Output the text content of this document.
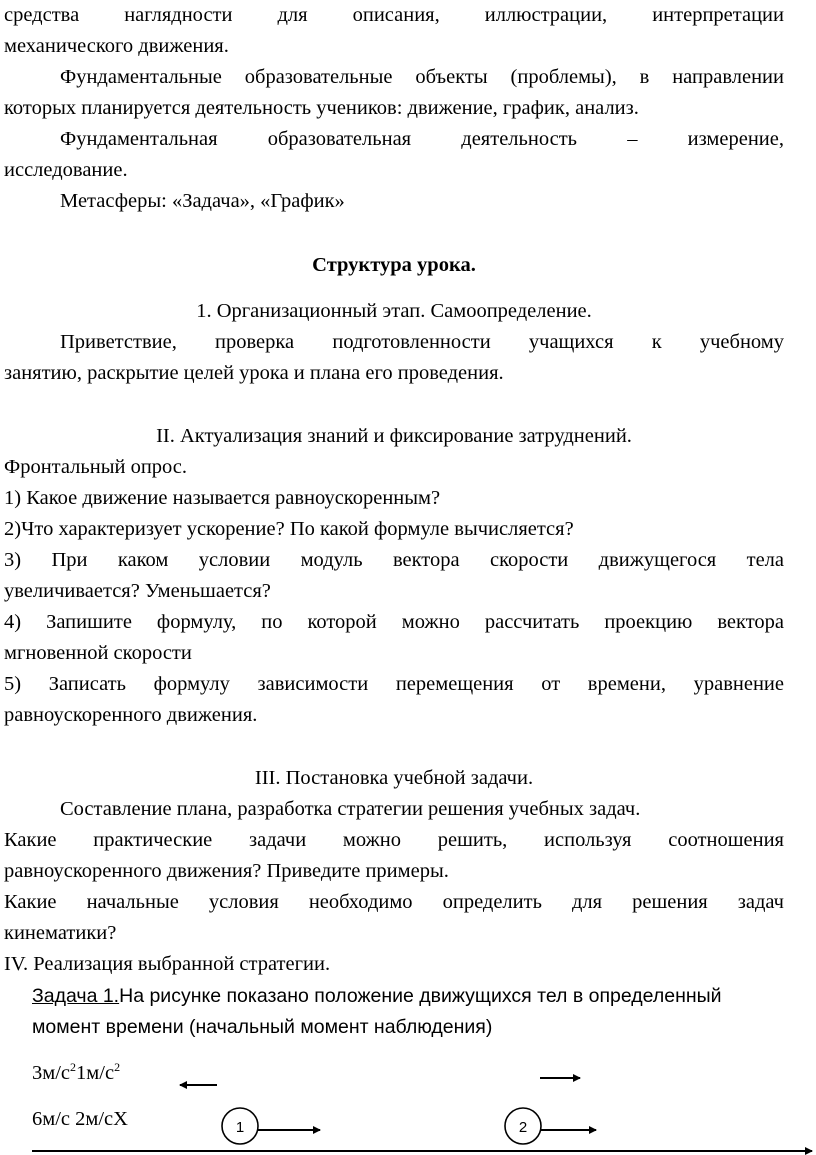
средства наглядности для описания, иллюстрации, интерпретации
механического движения.
Фундаментальные образовательные объекты (проблемы), в направлении
которых планируется деятельность учеников: движение, график, анализ.
Фундаментальная образовательная деятельность – измерение,
исследование.
Метасферы: «Задача», «График»
Структура урока.
1. Организационный этап. Самоопределение.
Приветствие, проверка подготовленности учащихся к учебному
занятию, раскрытие целей урока и плана его проведения.
II. Актуализация знаний и фиксирование затруднений.
Фронтальный опрос.
1) Какое движение называется равноускоренным?
2)Что характеризует ускорение? По какой формуле вычисляется?
3) При каком условии модуль вектора скорости движущегося тела
увеличивается? Уменьшается?
4) Запишите формулу, по которой можно рассчитать проекцию вектора
мгновенной скорости
5) Записать формулу зависимости перемещения от времени, уравнение
равноускоренного движения.
III. Постановка учебной задачи.
Составление плана, разработка стратегии решения учебных задач.
Какие практические задачи можно решить, используя соотношения
равноускоренного движения? Приведите примеры.
Какие начальные условия необходимо определить для решения задач
кинематики?
IV. Реализация выбранной стратегии.
Задача 1.На рисунке показано положение движущихся тел в определенный
момент времени (начальный момент наблюдения)
$3м/с^21м/с^2$
6м/с 2м/сX	1	2
